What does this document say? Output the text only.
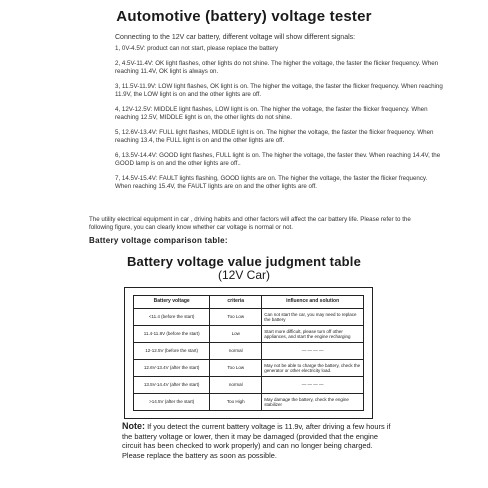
Automotive (battery) voltage tester
Connecting to the 12V car battery, different voltage will show different signals:
1, 0V-4.5V: product can not start, please replace the battery
2, 4.5V-11.4V: OK light flashes, other lights do not shine. The higher the voltage, the faster the flicker frequency. When reaching 11.4V, OK light is always on.
3, 11.5V-11.9V: LOW light flashes, OK light is on. The higher the voltage, the faster the flicker frequency. When reaching 11.9V, the LOW light is on and the other lights are off.
4, 12V-12.5V: MIDDLE light flashes, LOW light is on. The higher the voltage, the faster the flicker frequency. When reaching 12.5V, MIDDLE light is on, the other lights do not shine.
5, 12.6V-13.4V: FULL light flashes, MIDDLE light is on. The higher the voltage, the faster the flicker frequency. When reaching 13.4, the FULL light is on and the other lights are off.
6, 13.5V-14.4V: GOOD light flashes, FULL light is on. The higher the voltage, the faster thev. When reaching 14.4V, the GOOD lamp is on and the other lights are off..
7, 14.5V-15.4V: FAULT lights flashing, GOOD lights are on. The higher the voltage, the faster the flicker frequency. When reaching 15.4V, the FAULT lights are on and the other lights are off.
The utility electrical equipment in car , driving habits and other factors will affect the car battery life. Please refer to the following figure, you can clearly know whether car voltage is normal or not.
Battery voltage comparison table:
Battery voltage value judgment table
(12V Car)
Battery voltage	criteria	influence and solution
<11.4 (before the start)	Too Low	Can not start the car, you may need to replace the battery
11.4-11.8V (before the start)	Low	Start more difficult, please turn off other appliances, and start the engine recharging
12-12.5V (before the start)	normal	— — — —
12.6V-13.4V (after the start)	Too Low	May not be able to charge the battery, check the generator or other electricity load.
13.5V-14.4V (after the start)	normal	— — — —
>14.5V (after the start)	Too High	May damage the battery, check the engine stabilizer
Note: If you detect the current battery voltage is 11.9v, after driving a few hours if the battery voltage or lower, then it may be damaged (provided that the engine circuit has been checked to work properly) and can no longer being charged. Please replace the battery as soon as possible.
